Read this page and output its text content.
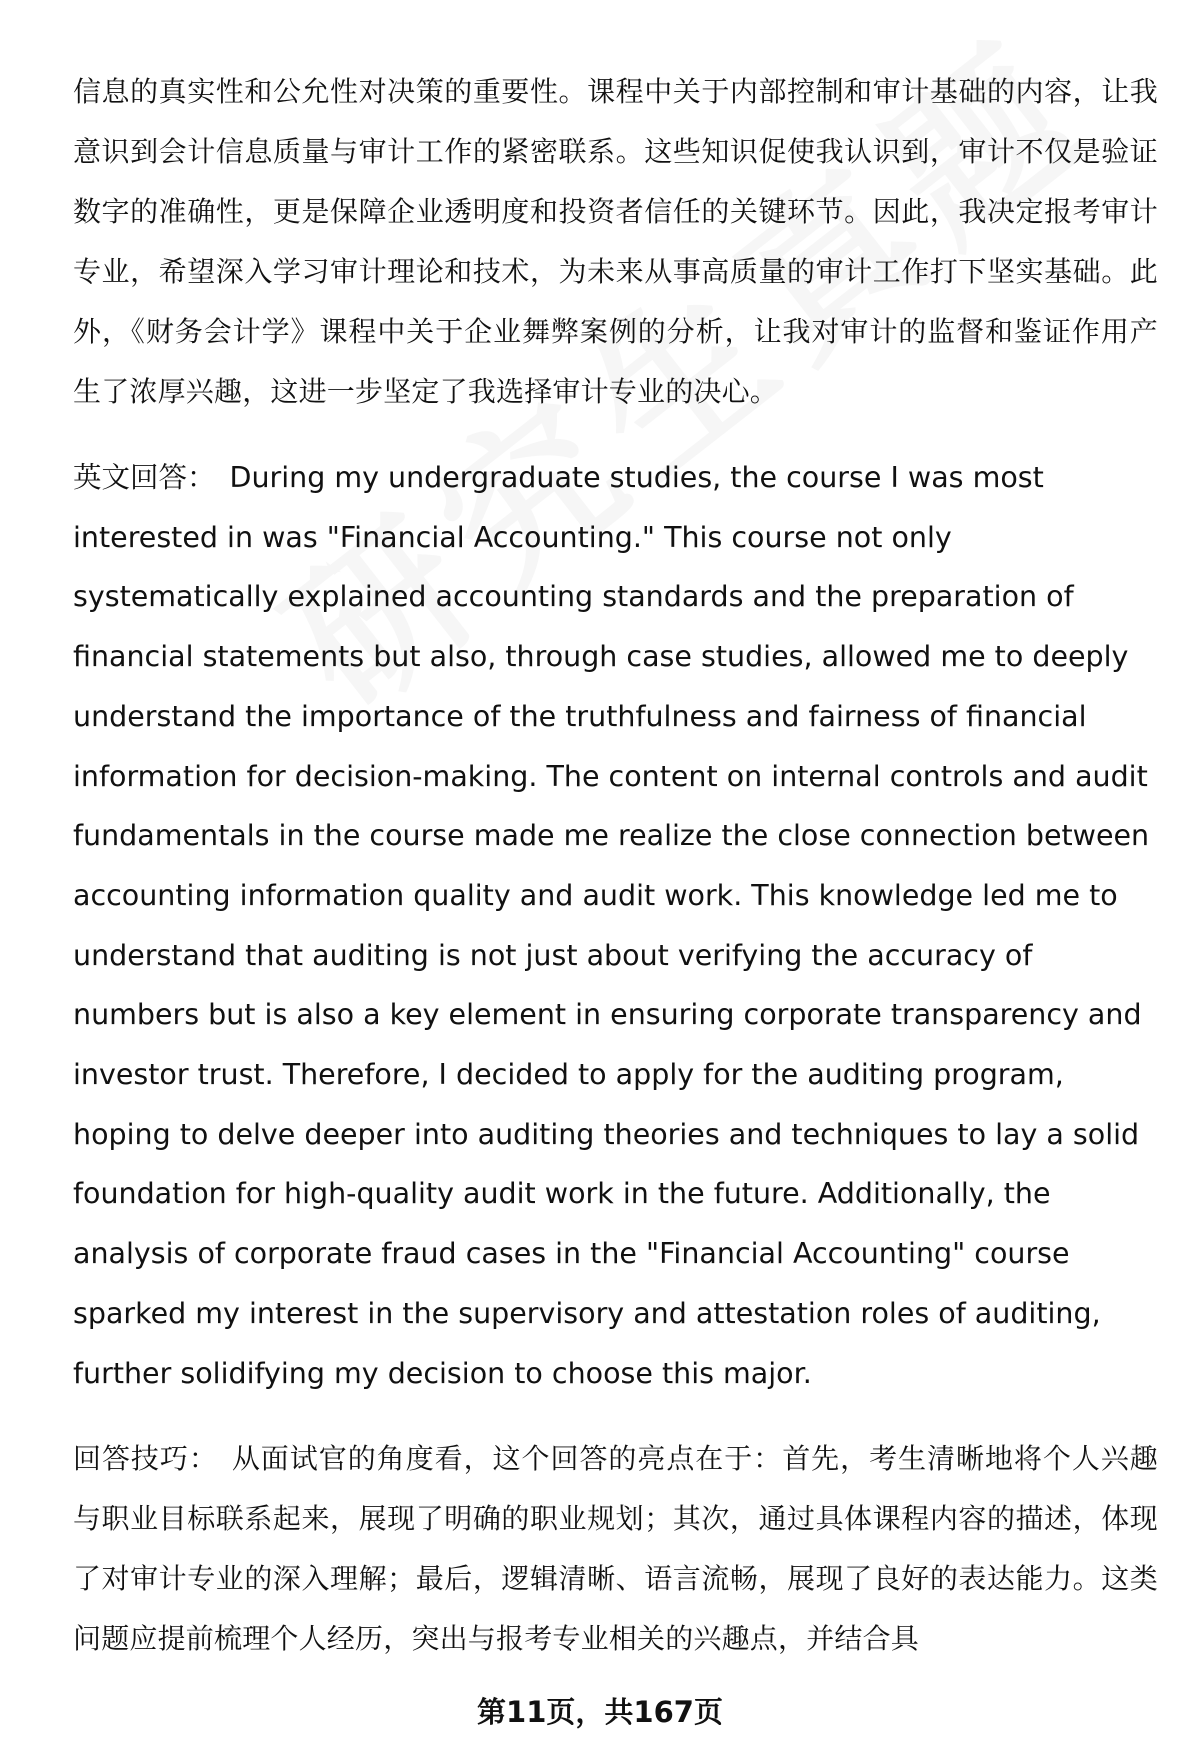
信息的真实性和公允性对决策的重要性。课程中关于内部控制和审计基础的内容，让我意识到会计信息质量与审计工作的紧密联系。这些知识促使我认识到，审计不仅是验证数字的准确性，更是保障企业透明度和投资者信任的关键环节。因此，我决定报考审计专业，希望深入学习审计理论和技术，为未来从事高质量的审计工作打下坚实基础。此外，《财务会计学》课程中关于企业舞弊案例的分析，让我对审计的监督和鉴证作用产生了浓厚兴趣，这进一步坚定了我选择审计专业的决心。

英文回答： During my undergraduate studies, the course I was most interested in was "Financial Accounting." This course not only systematically explained accounting standards and the preparation of financial statements but also, through case studies, allowed me to deeply understand the importance of the truthfulness and fairness of financial information for decision-making. The content on internal controls and audit fundamentals in the course made me realize the close connection between accounting information quality and audit work. This knowledge led me to understand that auditing is not just about verifying the accuracy of numbers but is also a key element in ensuring corporate transparency and investor trust. Therefore, I decided to apply for the auditing program, hoping to delve deeper into auditing theories and techniques to lay a solid foundation for high-quality audit work in the future. Additionally, the analysis of corporate fraud cases in the "Financial Accounting" course sparked my interest in the supervisory and attestation roles of auditing, further solidifying my decision to choose this major.

回答技巧： 从面试官的角度看，这个回答的亮点在于：首先，考生清晰地将个人兴趣与职业目标联系起来，展现了明确的职业规划；其次，通过具体课程内容的描述，体现了对审计专业的深入理解；最后，逻辑清晰、语言流畅，展现了良好的表达能力。这类问题应提前梳理个人经历，突出与报考专业相关的兴趣点，并结合具

第11页，共167页
